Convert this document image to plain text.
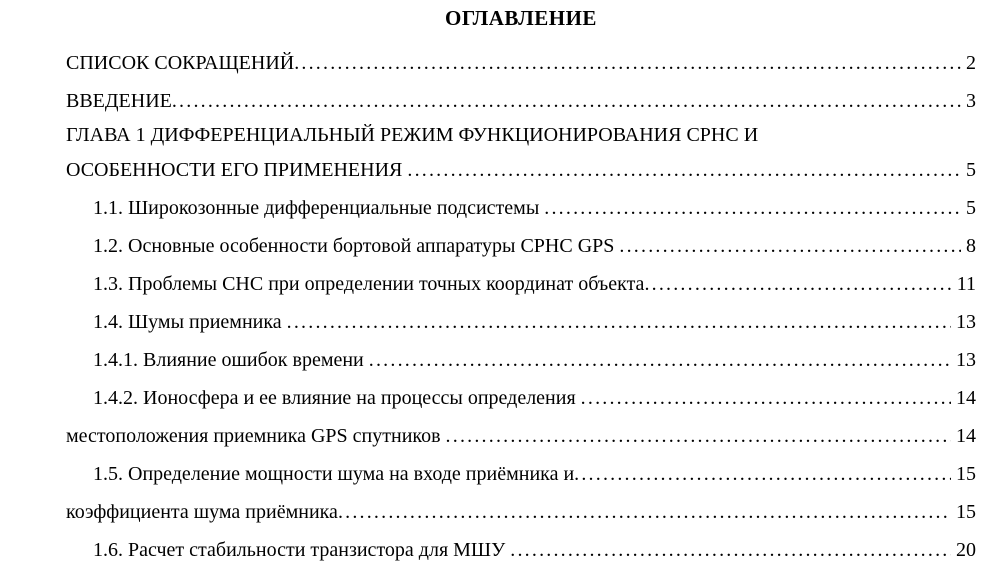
ОГЛАВЛЕНИЕ
СПИСОК СОКРАЩЕНИЙ .....	2
ВВЕДЕНИЕ .....	3
ГЛАВА 1 ДИФФЕРЕНЦИАЛЬНЫЙ РЕЖИМ ФУНКЦИОНИРОВАНИЯ СРНС И
ОСОБЕННОСТИ ЕГО ПРИМЕНЕНИЯ .....	5
1.1. Широкозонные дифференциальные подсистемы .....	5
1.2. Основные особенности бортовой аппаратуры СРНС GPS .....	8
1.3. Проблемы СНС при определении точных координат объекта .....	11
1.4. Шумы приемника .....	13
1.4.1. Влияние ошибок времени .....	13
1.4.2. Ионосфера и ее влияние на процессы определения .....	14
местоположения приемника GPS спутников .....	14
1.5. Определение мощности шума на входе приёмника и .....	15
коэффициента шума приёмника .....	15
1.6. Расчет стабильности транзистора для МШУ .....	20
